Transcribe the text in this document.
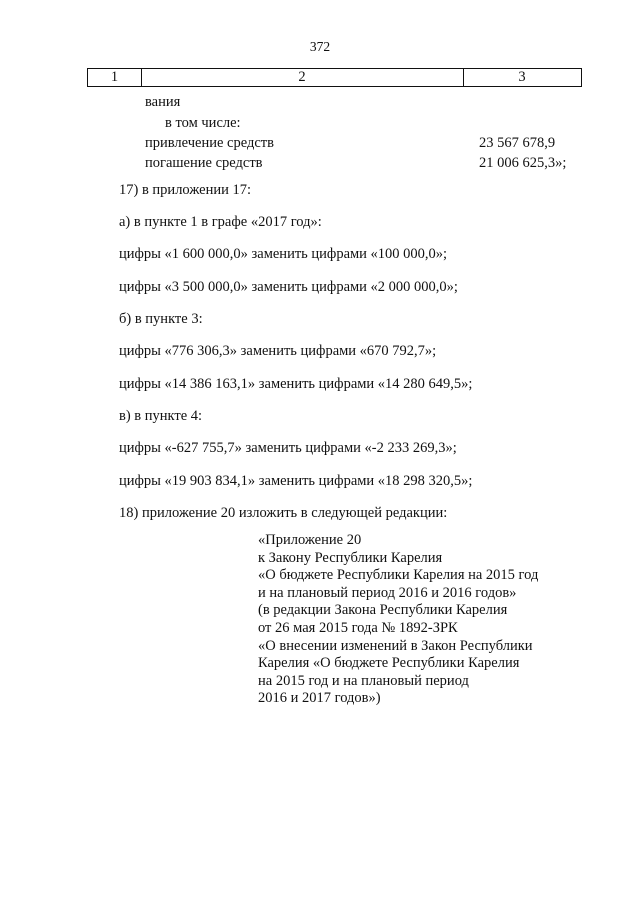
372
1	2	3
вания
в том числе:
привлечение средств	23 567 678,9
погашение средств	21 006 625,3»;
17) в приложении 17:
а) в пункте 1 в графе «2017 год»:
цифры «1 600 000,0» заменить цифрами «100 000,0»;
цифры «3 500 000,0» заменить цифрами «2 000 000,0»;
б) в пункте 3:
цифры «776 306,3» заменить цифрами «670 792,7»;
цифры «14 386 163,1» заменить цифрами «14 280 649,5»;
в) в пункте 4:
цифры «-627 755,7» заменить цифрами «-2 233 269,3»;
цифры «19 903 834,1» заменить цифрами «18 298 320,5»;
18) приложение 20 изложить в следующей редакции:
«Приложение 20
к Закону Республики Карелия
«О бюджете Республики Карелия на 2015 год
и на плановый период 2016 и 2016 годов»
(в редакции Закона Республики Карелия
от 26 мая 2015 года № 1892-ЗРК
«О внесении изменений в Закон Республики
Карелия «О бюджете Республики Карелия
на 2015 год и на плановый период
2016 и 2017 годов»)
